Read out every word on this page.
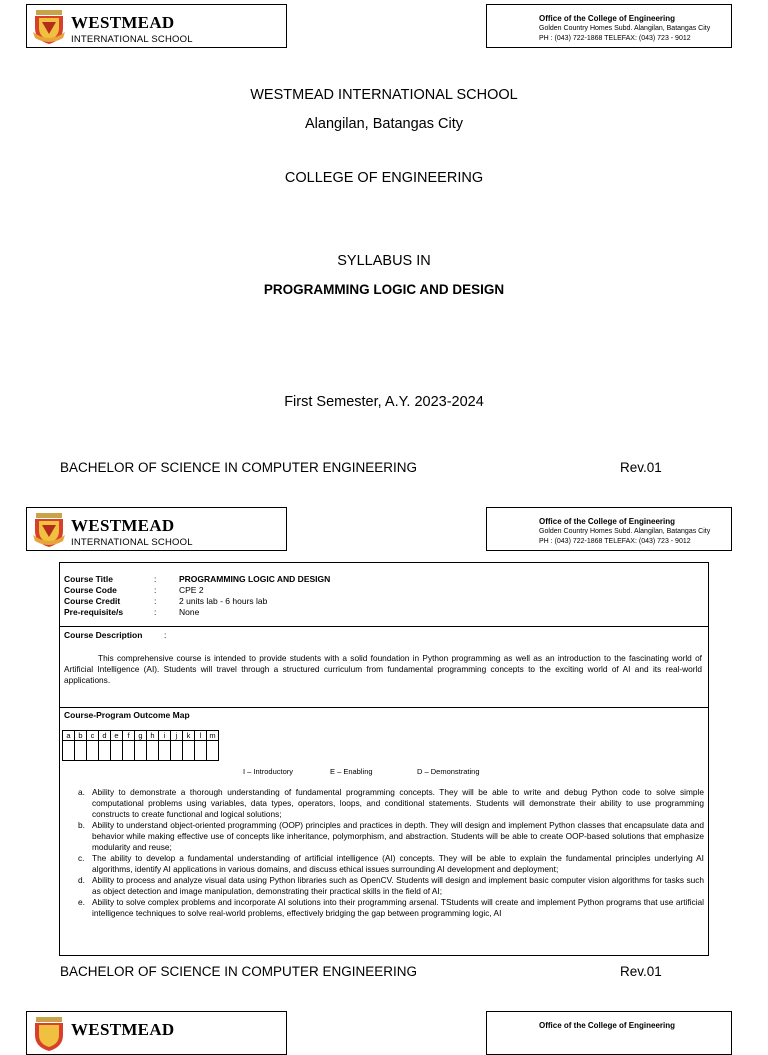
WESTMEAD
INTERNATIONAL SCHOOL
Office of the College of Engineering
Golden Country Homes Subd. Alangilan, Batangas City
PH : (043) 722-1868 TELEFAX: (043) 723 - 9012
WESTMEAD INTERNATIONAL SCHOOL
Alangilan, Batangas City
COLLEGE OF ENGINEERING
SYLLABUS IN
PROGRAMMING LOGIC AND DESIGN
First Semester, A.Y. 2023-2024
BACHELOR OF SCIENCE IN COMPUTER ENGINEERING	Rev.01
WESTMEAD
INTERNATIONAL SCHOOL
Office of the College of Engineering
Golden Country Homes Subd. Alangilan, Batangas City
PH : (043) 722-1868 TELEFAX: (043) 723 - 9012
Course Title	:	PROGRAMMING LOGIC AND DESIGN
Course Code	:	CPE 2
Course Credit	:	2 units lab - 6 hours lab
Pre-requisite/s	:	None
Course Description	:
This comprehensive course is intended to provide students with a solid foundation in Python programming as well as an introduction to the fascinating world of Artificial Intelligence (AI). Students will travel through a structured curriculum from fundamental programming concepts to the exciting world of AI and its real-world applications.
Course-Program Outcome Map
a	b	c	d	e	f	g	h	i	j	k	l	m

I – Introductory	E – Enabling	D – Demonstrating
a. Ability to demonstrate a thorough understanding of fundamental programming concepts. They will be able to write and debug Python code to solve simple computational problems using variables, data types, operators, loops, and conditional statements. Students will demonstrate their ability to use programming constructs to create functional and logical solutions;
b. Ability to understand object-oriented programming (OOP) principles and practices in depth. They will design and implement Python classes that encapsulate data and behavior while making effective use of concepts like inheritance, polymorphism, and abstraction. Students will be able to create OOP-based solutions that emphasize modularity and reuse;
c. The ability to develop a fundamental understanding of artificial intelligence (AI) concepts. They will be able to explain the fundamental principles underlying AI algorithms, identify AI applications in various domains, and discuss ethical issues surrounding AI development and deployment;
d. Ability to process and analyze visual data using Python libraries such as OpenCV. Students will design and implement basic computer vision algorithms for tasks such as object detection and image manipulation, demonstrating their practical skills in the field of AI;
e. Ability to solve complex problems and incorporate AI solutions into their programming arsenal. TStudents will create and implement Python programs that use artificial intelligence techniques to solve real-world problems, effectively bridging the gap between programming logic, AI
BACHELOR OF SCIENCE IN COMPUTER ENGINEERING	Rev.01
WESTMEAD	Office of the College of Engineering
